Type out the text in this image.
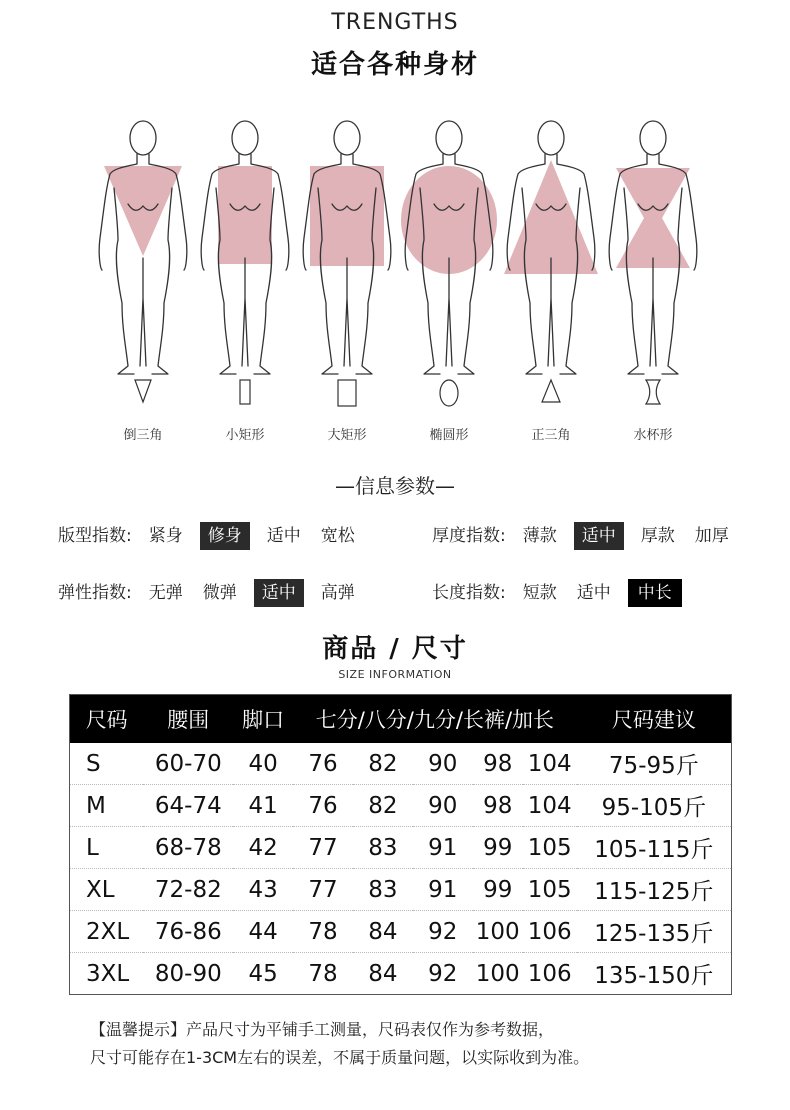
TRENGTHS
适合各种身材
倒三角	小矩形	大矩形	椭圆形	正三角	水杯形
—信息参数—
版型指数: 紧身 修身 适中 宽松	厚度指数: 薄款 适中 厚款 加厚
弹性指数: 无弹 微弹 适中 高弹	长度指数: 短款 适中 中长
商品 / 尺寸
SIZE INFORMATION
尺码	腰围	脚口	七分/八分/九分/长裤/加长					尺码建议
S	60-70	40	76	82	90	98	104	75-95斤
M	64-74	41	76	82	90	98	104	95-105斤
L	68-78	42	77	83	91	99	105	105-115斤
XL	72-82	43	77	83	91	99	105	115-125斤
2XL	76-86	44	78	84	92	100	106	125-135斤
3XL	80-90	45	78	84	92	100	106	135-150斤
【温馨提示】产品尺寸为平铺手工测量，尺码表仅作为参考数据，
尺寸可能存在1-3CM左右的误差，不属于质量问题，以实际收到为准。
